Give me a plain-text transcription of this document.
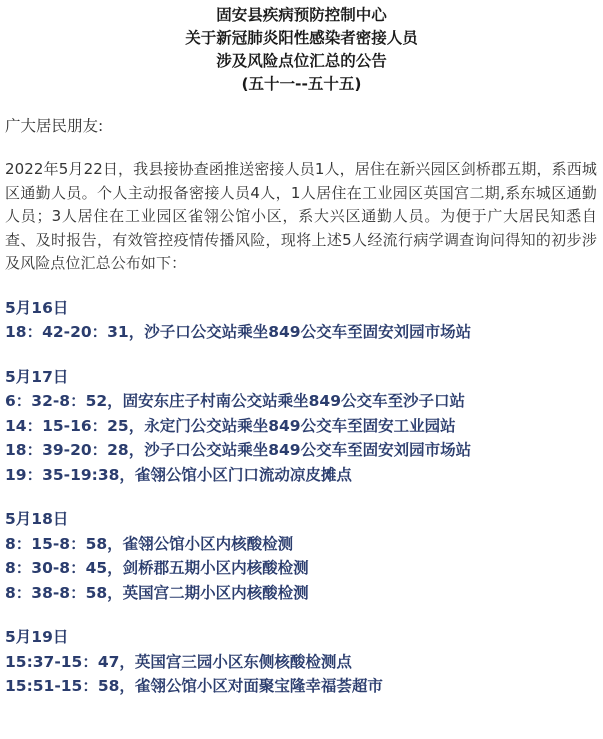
固安县疾病预防控制中心
关于新冠肺炎阳性感染者密接人员
涉及风险点位汇总的公告
(五十一--五十五)
广大居民朋友:
2022年5月22日，我县接协查函推送密接人员1人，居住在新兴园区剑桥郡五期，系西城区通勤人员。个人主动报备密接人员4人，1人居住在工业园区英国宫二期,系东城区通勤人员；3人居住在工业园区雀翎公馆小区，系大兴区通勤人员。为便于广大居民知悉自查、及时报告，有效管控疫情传播风险，现将上述5人经流行病学调查询问得知的初步涉及风险点位汇总公布如下：
5月16日
18：42-20：31，沙子口公交站乘坐849公交车至固安刘园市场站
5月17日
6：32-8：52，固安东庄子村南公交站乘坐849公交车至沙子口站
14：15-16：25，永定门公交站乘坐849公交车至固安工业园站
18：39-20：28，沙子口公交站乘坐849公交车至固安刘园市场站
19：35-19:38，雀翎公馆小区门口流动凉皮摊点
5月18日
8：15-8：58，雀翎公馆小区内核酸检测
8：30-8：45，剑桥郡五期小区内核酸检测
8：38-8：58，英国宫二期小区内核酸检测
5月19日
15:37-15：47，英国宫三园小区东侧核酸检测点
15:51-15：58，雀翎公馆小区对面聚宝隆幸福荟超市
